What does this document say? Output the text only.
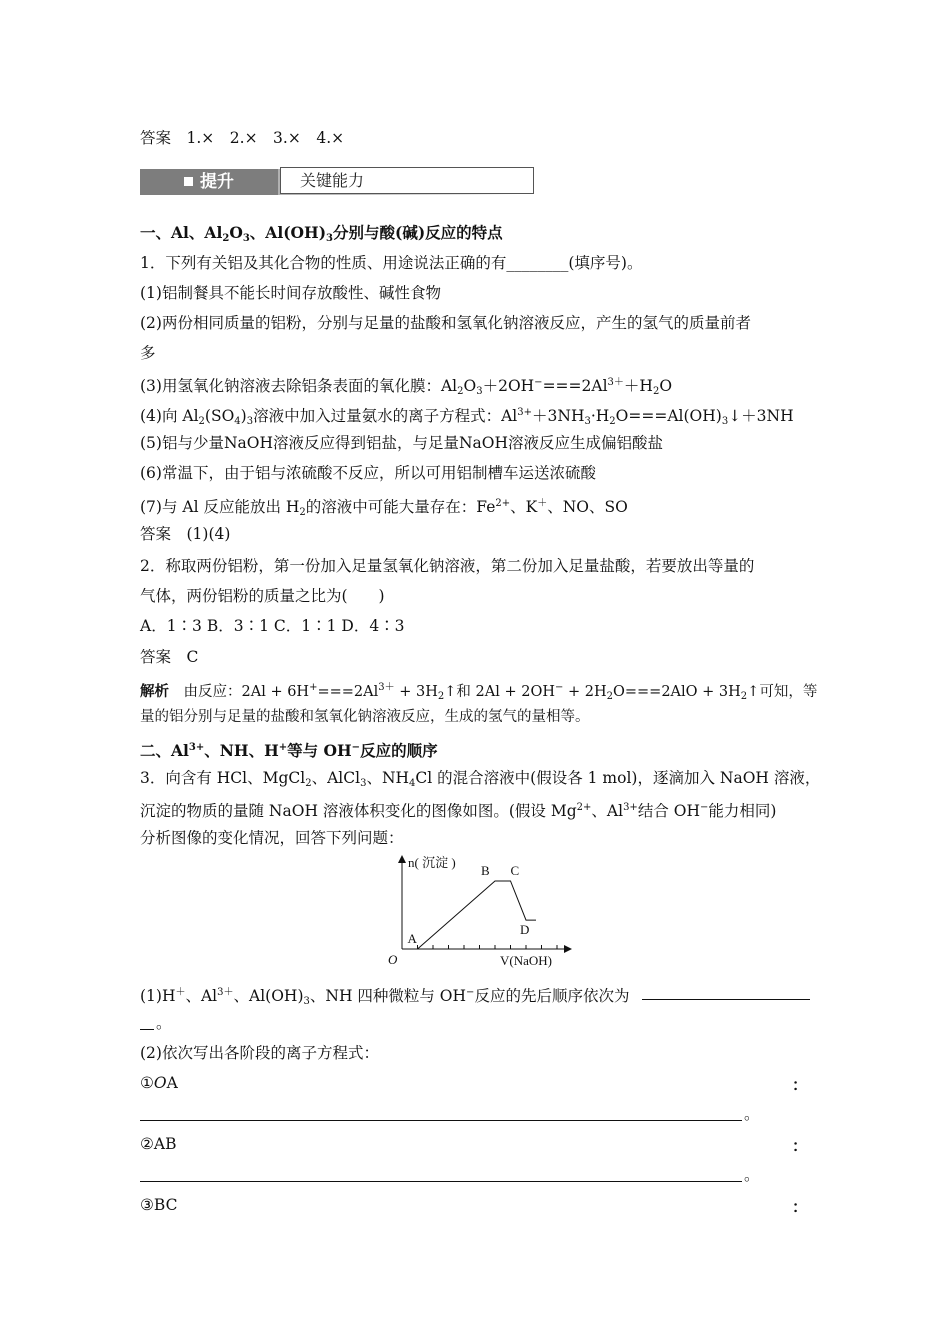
答案　1.×　2.×　3.×　4.×
提升	关键能力
一、Al、$Al_2O_3$、$Al(OH)_3$分别与酸(碱)反应的特点
1．下列有关铝及其化合物的性质、用途说法正确的有________(填序号)。
(1)铝制餐具不能长时间存放酸性、碱性食物
(2)两份相同质量的铝粉，分别与足量的盐酸和氢氧化钠溶液反应，产生的氢气的质量前者
多
(3)用氢氧化钠溶液去除铝条表面的氧化膜：$Al_2O_3+2OH^-===2Al^{3+}+H_2O$
(4)向 $Al_2(SO_4)_3$溶液中加入过量氨水的离子方程式：$Al^{3+}+3NH_3\cdot H_2O===Al(OH)_3↓+3NH$
(5)铝与少量NaOH溶液反应得到铝盐，与足量NaOH溶液反应生成偏铝酸盐
(6)常温下，由于铝与浓硫酸不反应，所以可用铝制槽车运送浓硫酸
(7)与 Al 反应能放出 $H_2$的溶液中可能大量存在：$Fe^{2+}$、K＋、NO、SO
答案　(1)(4)
2．称取两份铝粉，第一份加入足量氢氧化钠溶液，第二份加入足量盐酸，若要放出等量的
气体，两份铝粉的质量之比为(　　)
A．1∶3 B．3∶1 C．1∶1 D．4∶3
答案　C
解析　由反应：$2Al + 6H^+===2Al^{3+}$ + $3H_2↑$和 $2Al + 2OH^- + 2H_2O===2AlO$ + $3H_2↑$可知，等
量的铝分别与足量的盐酸和氢氧化钠溶液反应，生成的氢气的量相等。
二、$Al^{3+}$、NH、H+等与 OH−反应的顺序
3．向含有 HCl、MgCl$_2$、AlCl$_3$、$NH_4Cl$ 的混合溶液中(假设各 1 mol)，逐滴加入 NaOH 溶液，
沉淀的物质的量随 NaOH 溶液体积变化的图像如图。(假设 $Mg^{2+}$、$Al^{3+}$结合 OH−能力相同)
分析图像的变化情况，回答下列问题：
A
B C
D
n( 沉淀 )
V(NaOH)
O
(1)H＋、$Al^{3+}$、$Al(OH)_3$、NH 四种微粒与 OH−反应的先后顺序依次为
。
(2)依次写出各阶段的离子方程式：
①OA	：
。
②AB	：
。
③BC	：
